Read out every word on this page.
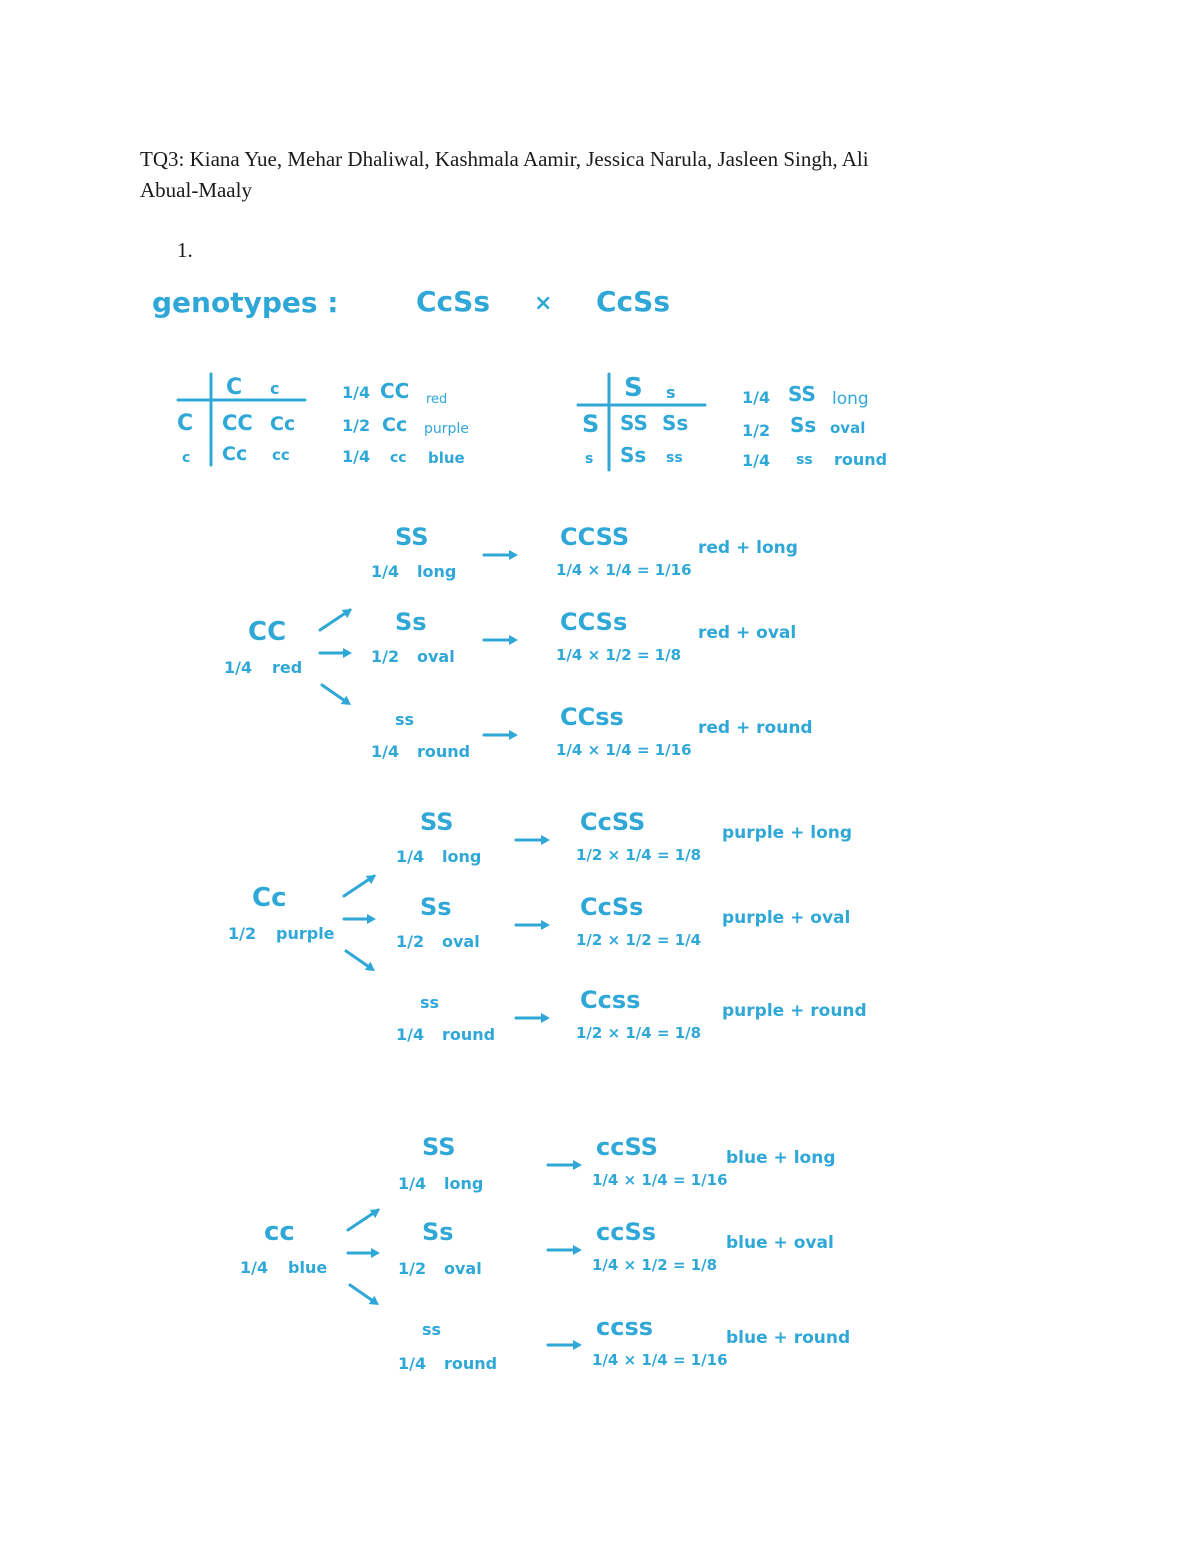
TQ3: Kiana Yue, Mehar Dhaliwal, Kashmala Aamir, Jessica Narula, Jasleen Singh, Ali
Abual-Maaly
1.
genotypes :	CcSs × CcSs
C c
C
c
CC Cc
Cc cc
1/4 CC red
1/2 Cc purple
1/4 cc blue
S s
S
s
SS Ss
Ss ss
1/4 SS long
1/2 Ss oval
1/4 ss round
CC
1/4 red
SS
1/4 long
CCSS
1/4 × 1/4 = 1/16
red + long
Ss
1/2 oval
CCSs
1/4 × 1/2 = 1/8
red + oval
ss
1/4 round
CCss
1/4 × 1/4 = 1/16
red + round
Cc
1/2 purple
SS
1/4 long
CcSS
1/2 × 1/4 = 1/8
purple + long
Ss
1/2 oval
CcSs
1/2 × 1/2 = 1/4
purple + oval
ss
1/4 round
Ccss
1/2 × 1/4 = 1/8
purple + round
cc
1/4 blue
SS
1/4 long
ccSS
1/4 × 1/4 = 1/16
blue + long
Ss
1/2 oval
ccSs
1/4 × 1/2 = 1/8
blue + oval
ss
1/4 round
ccss
1/4 × 1/4 = 1/16
blue + round
